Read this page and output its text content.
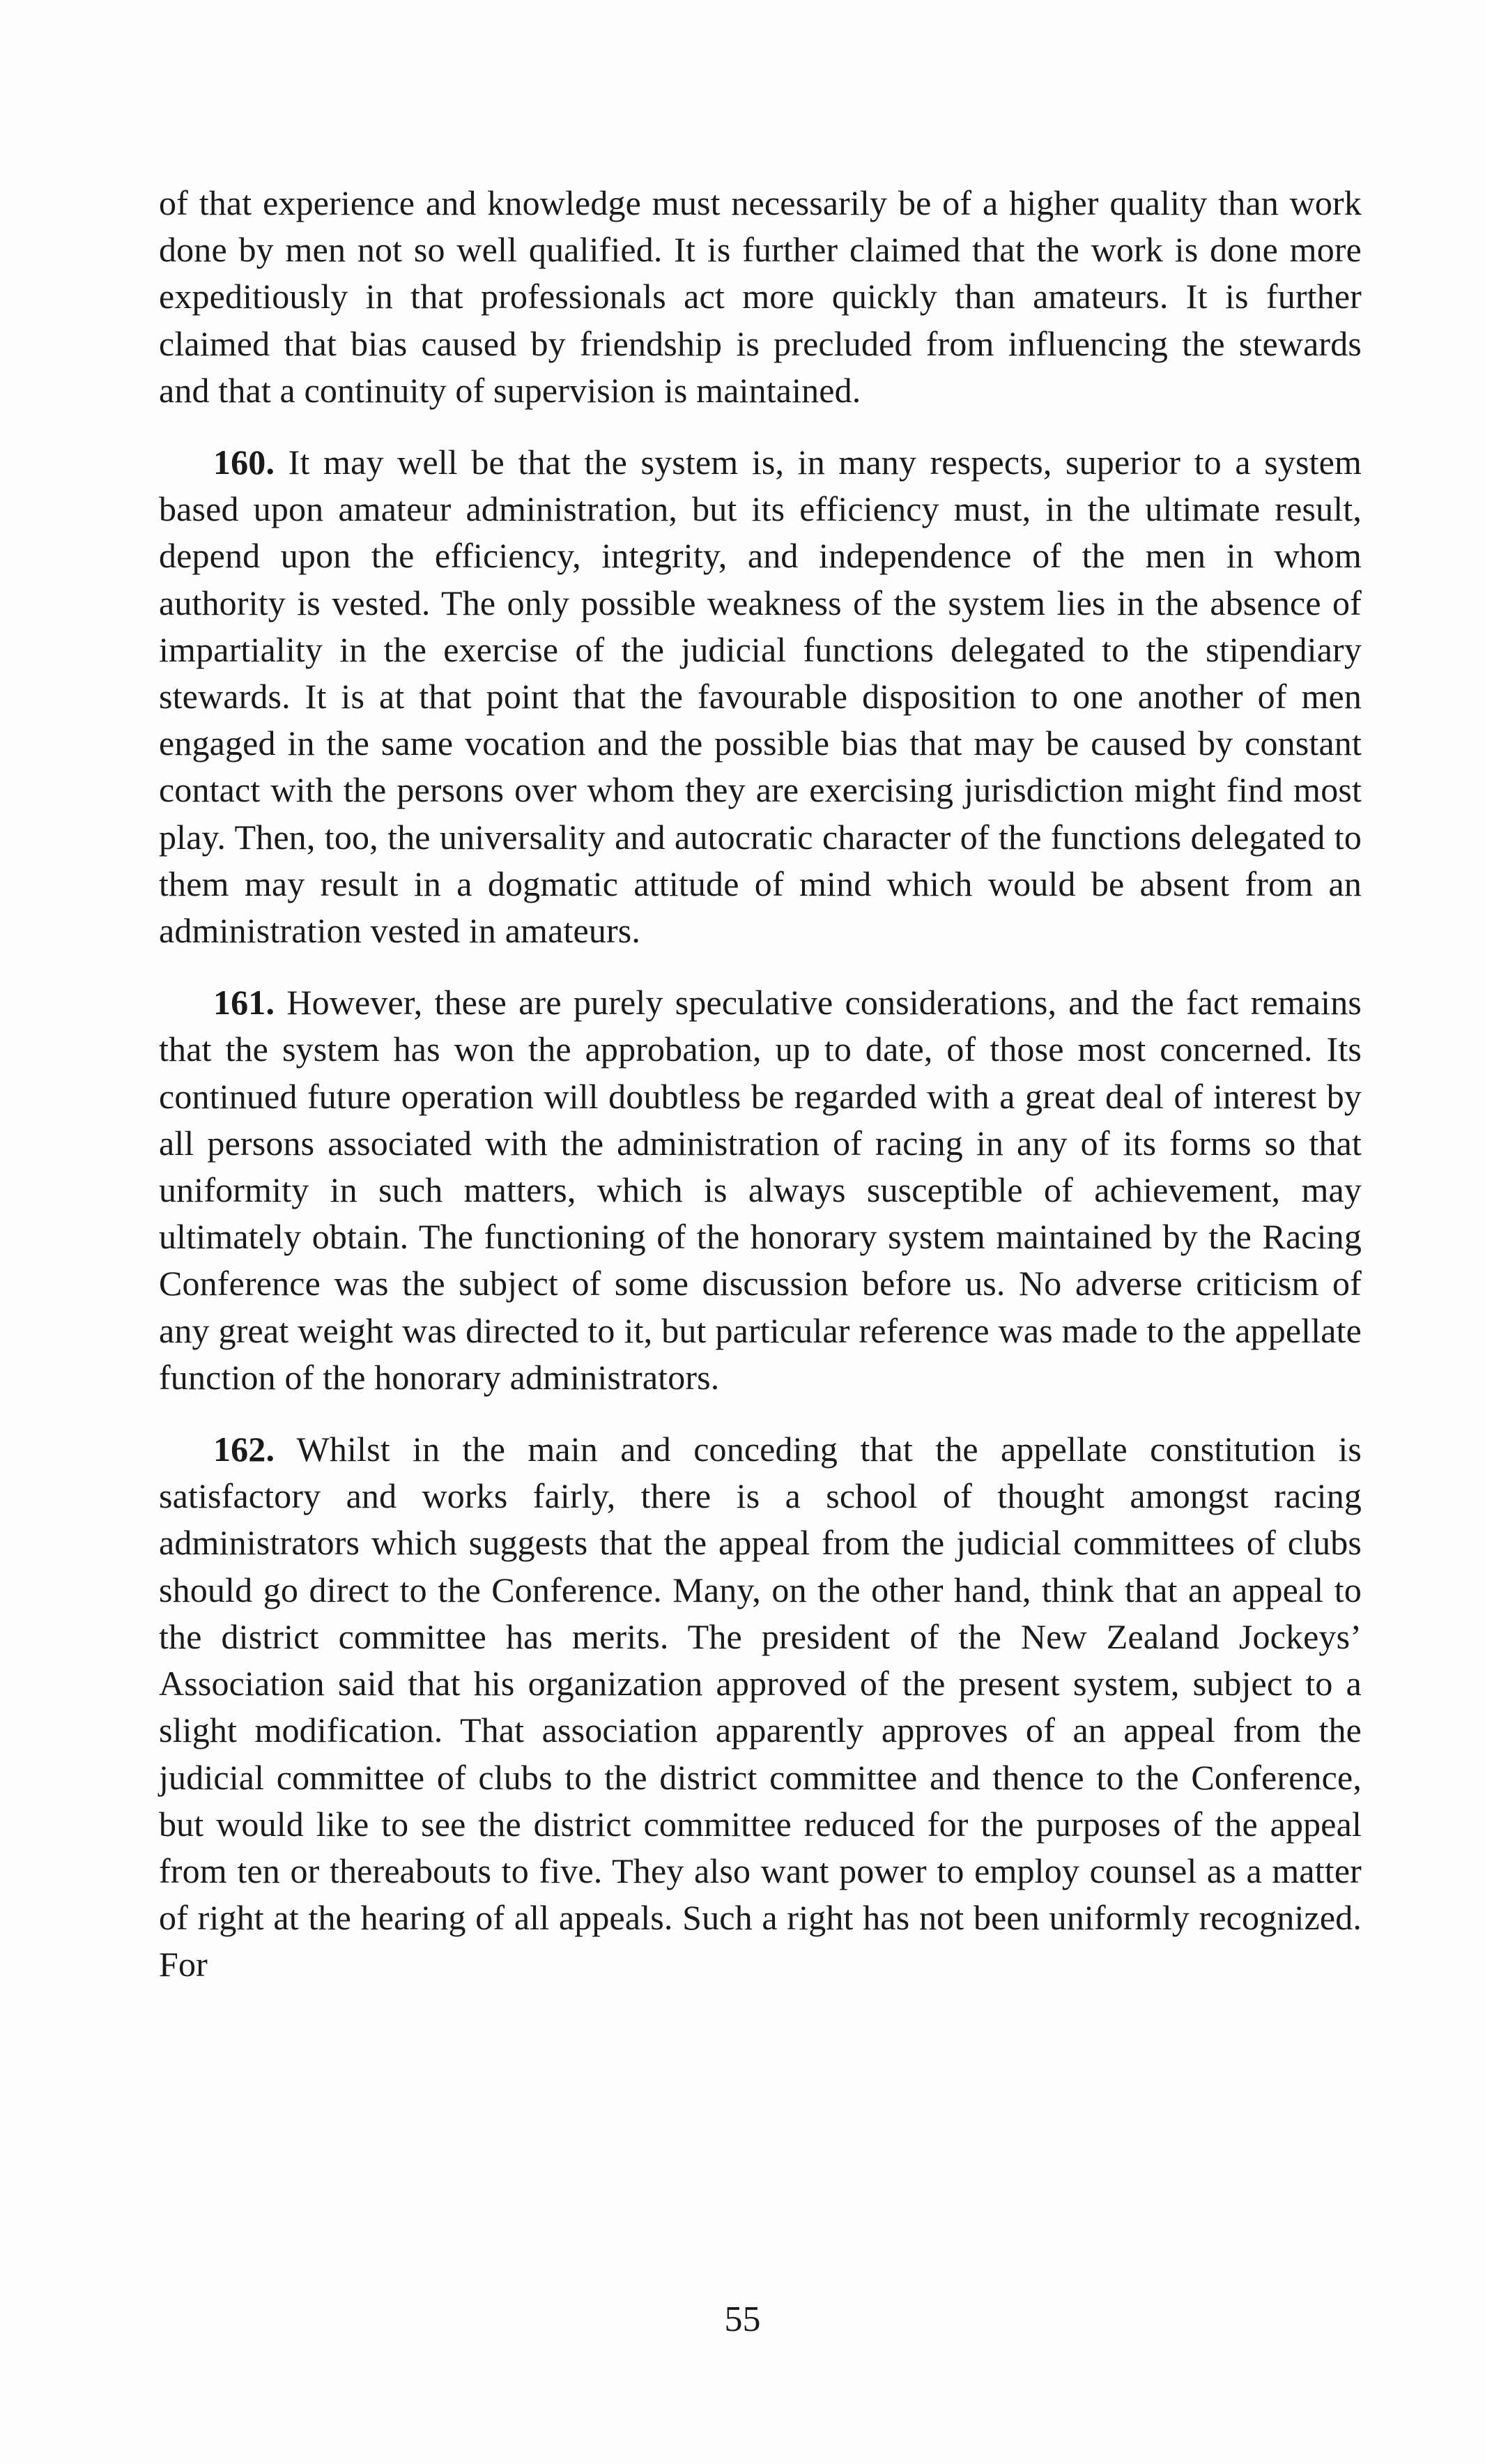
of that experience and knowledge must necessarily be of a higher quality than work done by men not so well qualified. It is further claimed that the work is done more expeditiously in that professionals act more quickly than amateurs. It is further claimed that bias caused by friendship is precluded from influencing the stewards and that a continuity of supervision is maintained.

160. It may well be that the system is, in many respects, superior to a system based upon amateur administration, but its efficiency must, in the ultimate result, depend upon the efficiency, integrity, and independence of the men in whom authority is vested. The only possible weakness of the system lies in the absence of impartiality in the exercise of the judicial functions delegated to the stipendiary stewards. It is at that point that the favourable disposition to one another of men engaged in the same vocation and the possible bias that may be caused by constant contact with the persons over whom they are exercising jurisdiction might find most play. Then, too, the universality and autocratic character of the functions delegated to them may result in a dogmatic attitude of mind which would be absent from an administration vested in amateurs.

161. However, these are purely speculative considerations, and the fact remains that the system has won the approbation, up to date, of those most concerned. Its continued future operation will doubtless be regarded with a great deal of interest by all persons associated with the administration of racing in any of its forms so that uniformity in such matters, which is always susceptible of achievement, may ultimately obtain. The functioning of the honorary system maintained by the Racing Conference was the subject of some discussion before us. No adverse criticism of any great weight was directed to it, but particular reference was made to the appellate function of the honorary administrators.

162. Whilst in the main and conceding that the appellate constitution is satisfactory and works fairly, there is a school of thought amongst racing administrators which suggests that the appeal from the judicial committees of clubs should go direct to the Conference. Many, on the other hand, think that an appeal to the district committee has merits. The president of the New Zealand Jockeys’ Association said that his organization approved of the present system, subject to a slight modification. That association apparently approves of an appeal from the judicial committee of clubs to the district committee and thence to the Conference, but would like to see the district committee reduced for the purposes of the appeal from ten or thereabouts to five. They also want power to employ counsel as a matter of right at the hearing of all appeals. Such a right has not been uniformly recognized. For

55
